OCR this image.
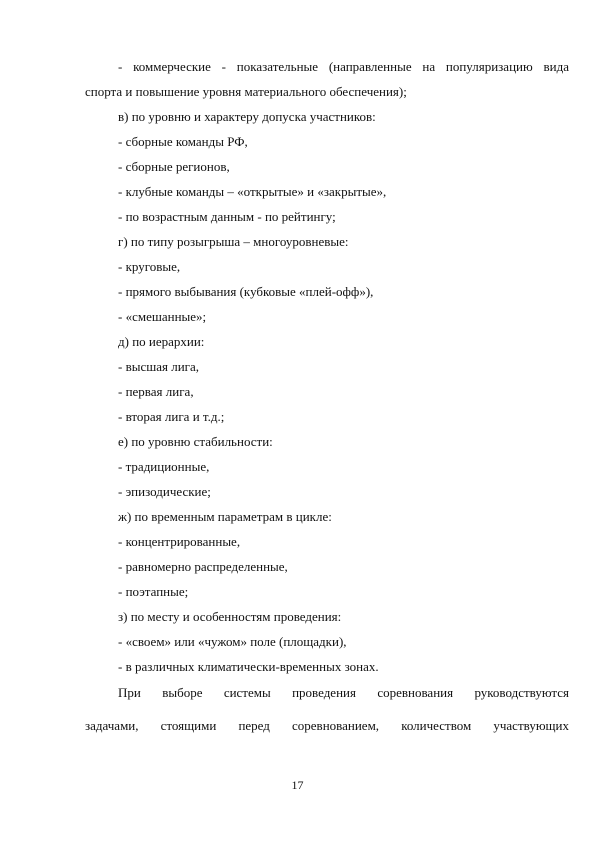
- коммерческие - показательные (направленные на популяризацию вида
спорта и повышение уровня материального обеспечения);
в) по уровню и характеру допуска участников:
- сборные команды РФ,
- сборные регионов,
- клубные команды – «открытые» и «закрытые»,
- по возрастным данным - по рейтингу;
г) по типу розыгрыша – многоуровневые:
- круговые,
- прямого выбывания (кубковые «плей-офф»),
- «смешанные»;
д) по иерархии:
- высшая лига,
- первая лига,
- вторая лига и т.д.;
е) по уровню стабильности:
- традиционные,
- эпизодические;
ж) по временным параметрам в цикле:
- концентрированные,
- равномерно распределенные,
- поэтапные;
з) по месту и особенностям проведения:
- «своем» или «чужом» поле (площадки),
- в различных климатически-временных зонах.
При выборе системы проведения соревнования руководствуются
задачами, стоящими перед соревнованием, количеством участвующих
17
